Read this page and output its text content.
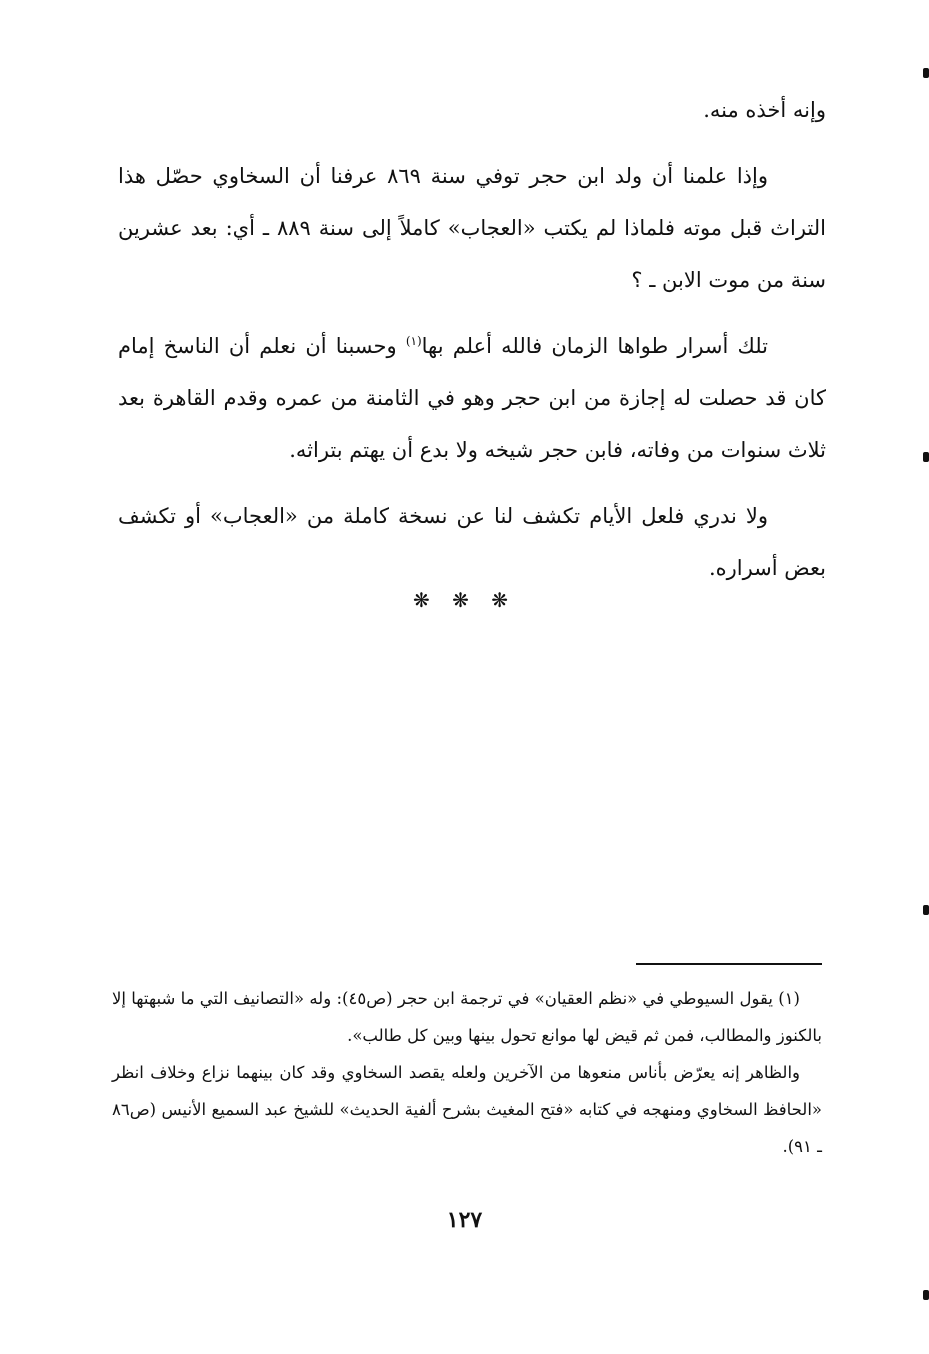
وإنه أخذه منه.

وإذا علمنا أن ولد ابن حجر توفي سنة ٨٦٩ عرفنا أن السخاوي حصّل هذا التراث قبل موته فلماذا لم يكتب «العجاب» كاملاً إلى سنة ٨٨٩ ـ أي: بعد عشرين سنة من موت الابن ـ ؟

تلك أسرار طواها الزمان فالله أعلم بها$^{(١)}$ وحسبنا أن نعلم أن الناسخ إمام كان قد حصلت له إجازة من ابن حجر وهو في الثامنة من عمره وقدم القاهرة بعد ثلاث سنوات من وفاته، فابن حجر شيخه ولا بدع أن يهتم بتراثه.

ولا ندري فلعل الأيام تكشف لنا عن نسخة كاملة من «العجاب» أو تكشف بعض أسراره.

❋ ❋ ❋

(١) يقول السيوطي في «نظم العقيان» في ترجمة ابن حجر (ص٤٥): وله «التصانيف التي ما شبهتها إلا بالكنوز والمطالب، فمن ثم قيض لها موانع تحول بينها وبين كل طالب».

والظاهر إنه يعرّض بأناس منعوها من الآخرين ولعله يقصد السخاوي وقد كان بينهما نزاع وخلاف انظر «الحافظ السخاوي ومنهجه في كتابه «فتح المغيث بشرح ألفية الحديث» للشيخ عبد السميع الأنيس (ص٨٦ ـ ٩١).

١٢٧
